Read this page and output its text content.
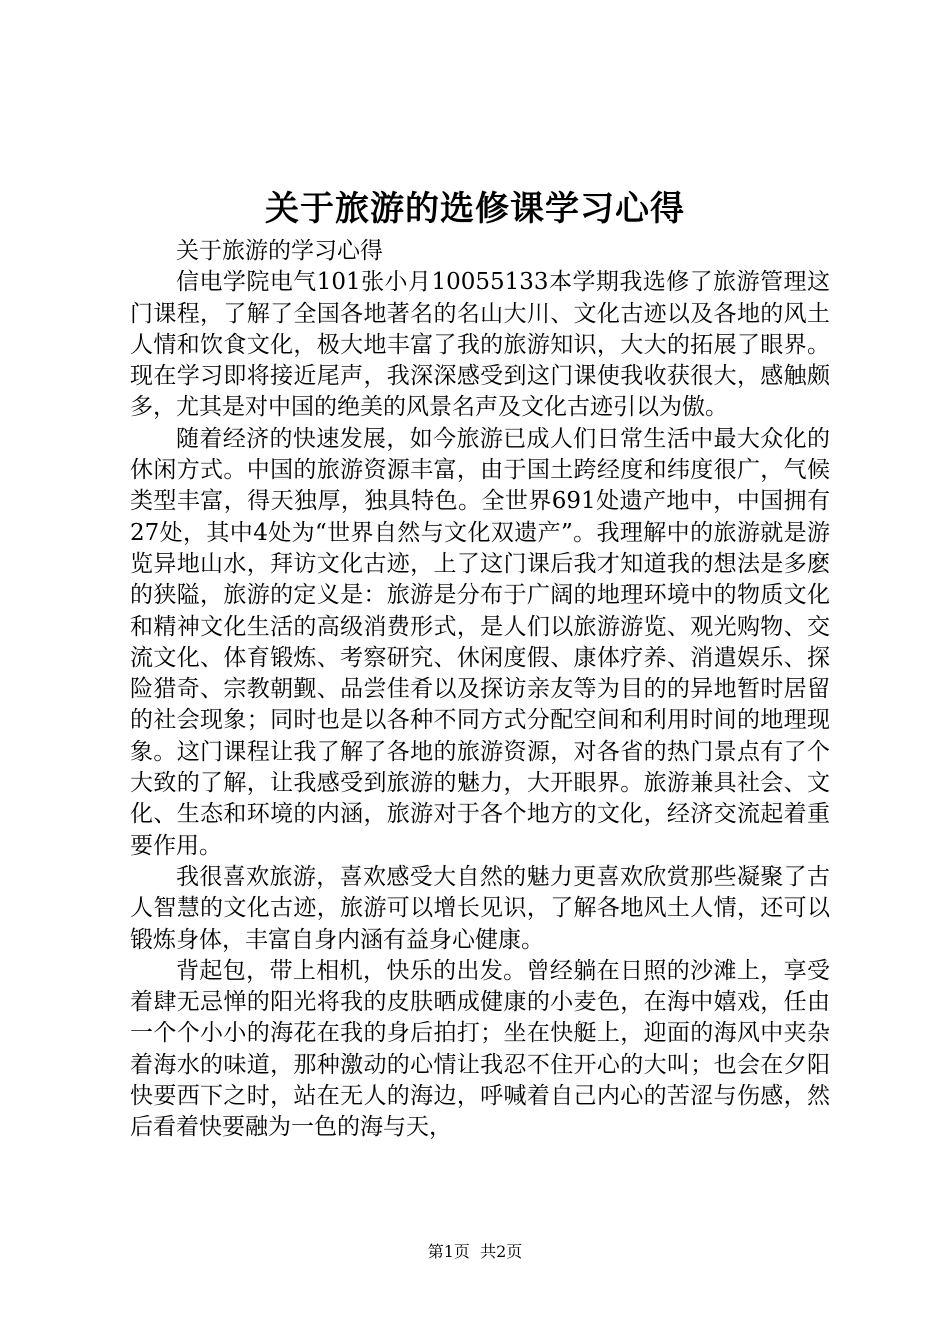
关于旅游的选修课学习心得

关于旅游的学习心得

信电学院电气101张小月10055133本学期我选修了旅游管理这门课程，了解了全国各地著名的名山大川、文化古迹以及各地的风土人情和饮食文化，极大地丰富了我的旅游知识，大大的拓展了眼界。现在学习即将接近尾声，我深深感受到这门课使我收获很大，感触颇多，尤其是对中国的绝美的风景名声及文化古迹引以为傲。

随着经济的快速发展，如今旅游已成人们日常生活中最大众化的休闲方式。中国的旅游资源丰富，由于国土跨经度和纬度很广，气候类型丰富，得天独厚，独具特色。全世界691处遗产地中，中国拥有27处，其中4处为“世界自然与文化双遗产”。我理解中的旅游就是游览异地山水，拜访文化古迹，上了这门课后我才知道我的想法是多麽的狭隘，旅游的定义是：旅游是分布于广阔的地理环境中的物质文化和精神文化生活的高级消费形式，是人们以旅游游览、观光购物、交流文化、体育锻炼、考察研究、休闲度假、康体疗养、消遣娱乐、探险猎奇、宗教朝觐、品尝佳肴以及探访亲友等为目的的异地暂时居留的社会现象；同时也是以各种不同方式分配空间和利用时间的地理现象。这门课程让我了解了各地的旅游资源，对各省的热门景点有了个大致的了解，让我感受到旅游的魅力，大开眼界。旅游兼具社会、文化、生态和环境的内涵，旅游对于各个地方的文化，经济交流起着重要作用。

我很喜欢旅游，喜欢感受大自然的魅力更喜欢欣赏那些凝聚了古人智慧的文化古迹，旅游可以增长见识，了解各地风土人情，还可以锻炼身体，丰富自身内涵有益身心健康。

背起包，带上相机，快乐的出发。曾经躺在日照的沙滩上，享受着肆无忌惮的阳光将我的皮肤晒成健康的小麦色，在海中嬉戏，任由一个个小小的海花在我的身后拍打；坐在快艇上，迎面的海风中夹杂着海水的味道，那种激动的心情让我忍不住开心的大叫；也会在夕阳快要西下之时，站在无人的海边，呼喊着自己内心的苦涩与伤感，然后看着快要融为一色的海与天，

第1页 共2页
